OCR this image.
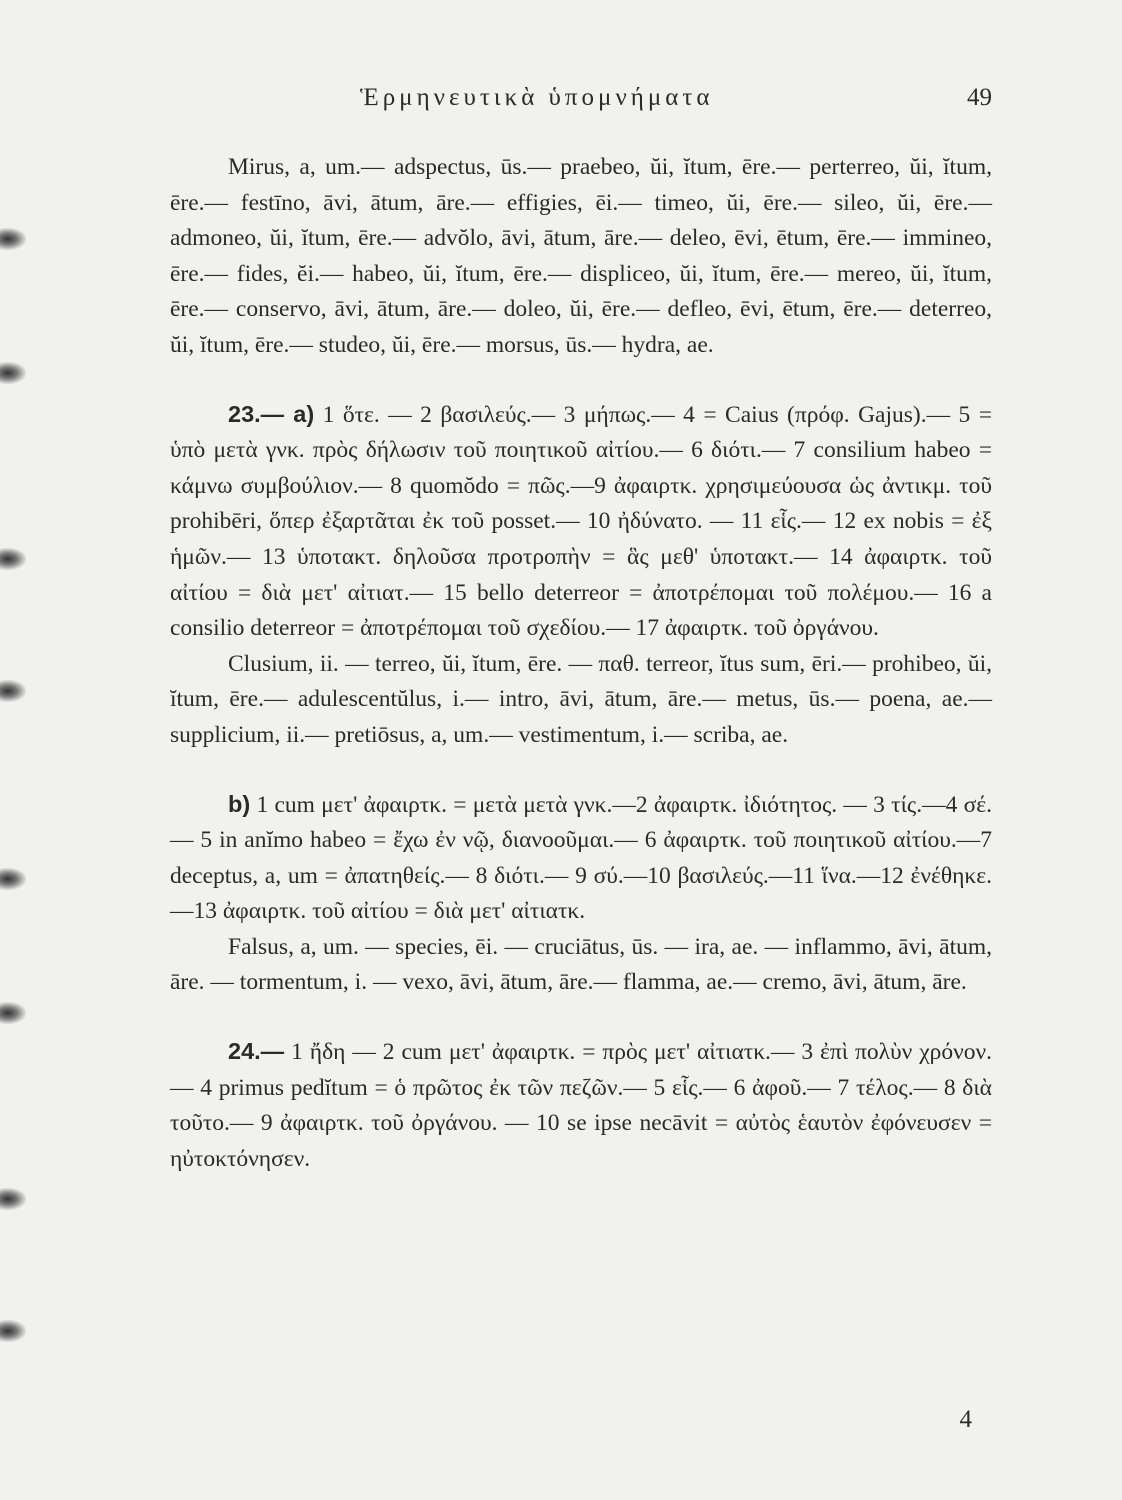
Ἑρμηνευτικὰ ὑπομνήματα	49

Mirus, a, um.— adspectus, ūs.— praebeo, ŭi, ĭtum, ēre.— perterreo, ŭi, ĭtum, ēre.— festīno, āvi, ātum, āre.— effigies, ēi.— timeo, ŭi, ēre.— sileo, ŭi, ēre.— admoneo, ŭi, ĭtum, ēre.— advŏlo, āvi, ātum, āre.— deleo, ēvi, ētum, ēre.— immineo, ēre.— fides, ĕi.— habeo, ŭi, ĭtum, ēre.— displiceo, ŭi, ĭtum, ēre.— mereo, ŭi, ĭtum, ēre.— conservo, āvi, ātum, āre.— doleo, ŭi, ēre.— defleo, ēvi, ētum, ēre.— deterreo, ŭi, ĭtum, ēre.— studeo, ŭi, ēre.— morsus, ūs.— hydra, ae.

23.— a) 1 ὅτε. — 2 βασιλεύς.— 3 μήπως.— 4 = Caius (πρόφ. Gajus).— 5 = ὑπὸ μετὰ γνκ. πρὸς δήλωσιν τοῦ ποιητικοῦ αἰτίου.— 6 διότι.— 7 consilium habeo = κάμνω συμβούλιον.— 8 quomŏdo = πῶς.—9 ἀφαιρτκ. χρησιμεύουσα ὡς ἀντικμ. τοῦ prohibēri, ὅπερ ἐξαρτᾶται ἐκ τοῦ posset.— 10 ἠδύνατο. — 11 εἷς.— 12 ex nobis = ἐξ ἡμῶν.— 13 ὑποτακτ. δηλοῦσα προτροπὴν = ἃς μεθ' ὑποτακτ.— 14 ἀφαιρτκ. τοῦ αἰτίου = διὰ μετ' αἰτιατ.— 15 bello deterreor = ἀποτρέπομαι τοῦ πολέμου.— 16 a consilio deterreor = ἀποτρέπομαι τοῦ σχεδίου.— 17 ἀφαιρτκ. τοῦ ὀργάνου.

Clusium, ii. — terreo, ŭi, ĭtum, ēre. — παθ. terreor, ĭtus sum, ēri.— prohibeo, ŭi, ĭtum, ēre.— adulescentŭlus, i.— intro, āvi, ātum, āre.— metus, ūs.— poena, ae.— supplicium, ii.— pretiōsus, a, um.— vestimentum, i.— scriba, ae.

b) 1 cum μετ' ἀφαιρτκ. = μετὰ μετὰ γνκ.—2 ἀφαιρτκ. ἰδιότητος. — 3 τίς.—4 σέ.— 5 in anĭmo habeo = ἔχω ἐν νῷ, διανοοῦμαι.— 6 ἀφαιρτκ. τοῦ ποιητικοῦ αἰτίου.—7 deceptus, a, um = ἀπατηθείς.— 8 διότι.— 9 σύ.—10 βασιλεύς.—11 ἵνα.—12 ἐνέθηκε.—13 ἀφαιρτκ. τοῦ αἰτίου = διὰ μετ' αἰτιατκ.

Falsus, a, um. — species, ēi. — cruciātus, ūs. — ira, ae. — inflammo, āvi, ātum, āre. — tormentum, i. — vexo, āvi, ātum, āre.— flamma, ae.— cremo, āvi, ātum, āre.

24.— 1 ἤδη — 2 cum μετ' ἀφαιρτκ. = πρὸς μετ' αἰτιατκ.— 3 ἐπὶ πολὺν χρόνον.— 4 primus pedĭtum = ὁ πρῶτος ἐκ τῶν πεζῶν.— 5 εἷς.— 6 ἀφοῦ.— 7 τέλος.— 8 διὰ τοῦτο.— 9 ἀφαιρτκ. τοῦ ὀργάνου. — 10 se ipse necāvit = αὐτὸς ἑαυτὸν ἐφόνευσεν = ηὐτοκτόνησεν.

4
